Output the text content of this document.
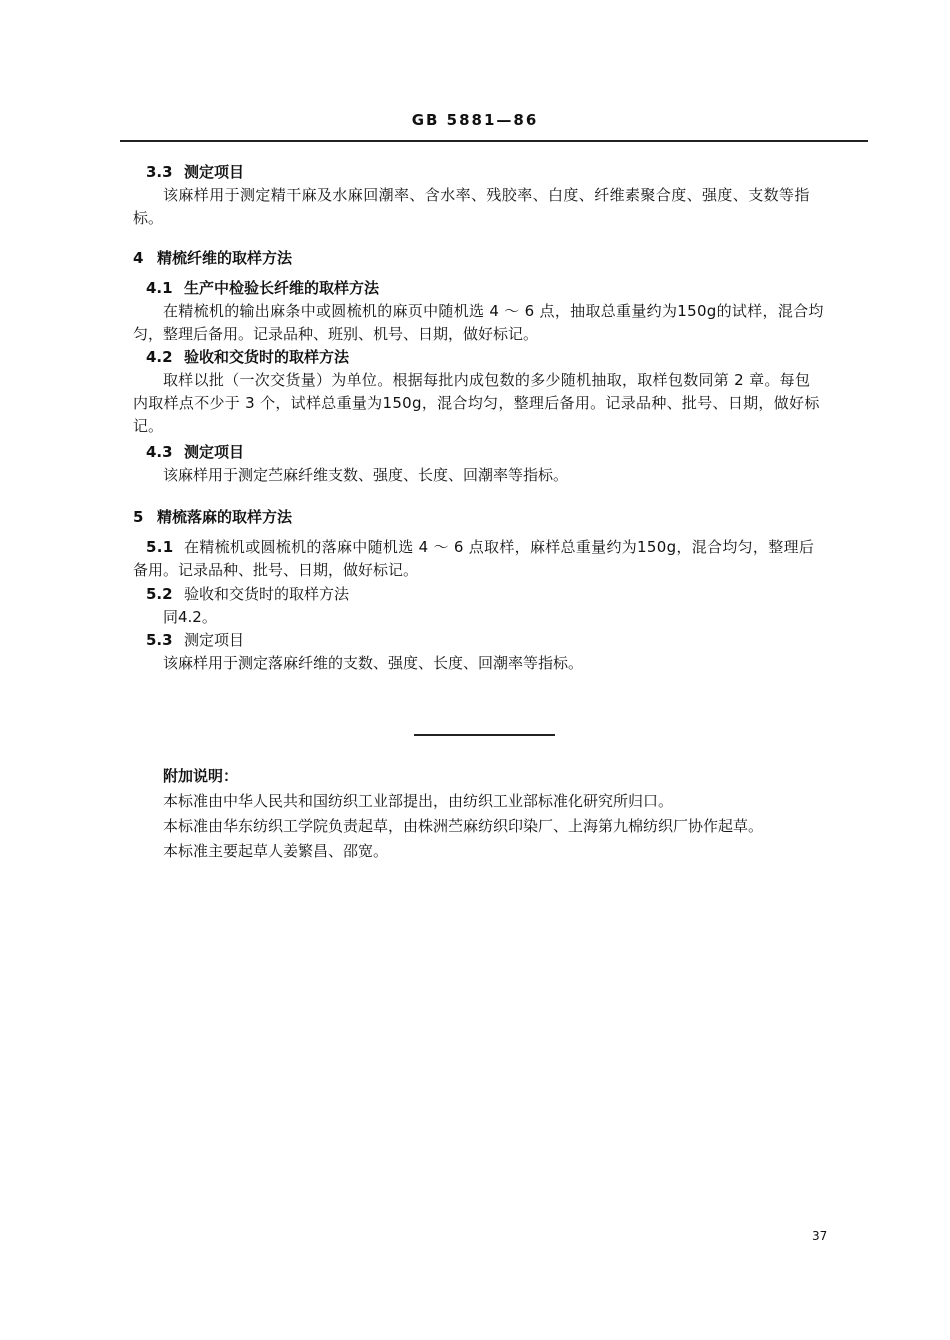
GB 5881—86
3.3 测定项目
该麻样用于测定精干麻及水麻回潮率、含水率、残胶率、白度、纤维素聚合度、强度、支数等指
标。
4 精梳纤维的取样方法
4.1 生产中检验长纤维的取样方法
在精梳机的输出麻条中或圆梳机的麻页中随机选 4 ～ 6 点，抽取总重量约为150g的试样，混合均
匀，整理后备用。记录品种、班别、机号、日期，做好标记。
4.2 验收和交货时的取样方法
取样以批（一次交货量）为单位。根据每批内成包数的多少随机抽取，取样包数同第 2 章。每包
内取样点不少于 3 个，试样总重量为150g，混合均匀，整理后备用。记录品种、批号、日期，做好标
记。
4.3 测定项目
该麻样用于测定苎麻纤维支数、强度、长度、回潮率等指标。
5 精梳落麻的取样方法
5.1 在精梳机或圆梳机的落麻中随机选 4 ～ 6 点取样，麻样总重量约为150g，混合均匀，整理后
备用。记录品种、批号、日期，做好标记。
5.2 验收和交货时的取样方法
同4.2。
5.3 测定项目
该麻样用于测定落麻纤维的支数、强度、长度、回潮率等指标。
附加说明：
本标准由中华人民共和国纺织工业部提出，由纺织工业部标准化研究所归口。
本标准由华东纺织工学院负责起草，由株洲苎麻纺织印染厂、上海第九棉纺织厂协作起草。
本标准主要起草人姜繁昌、邵宽。
37
